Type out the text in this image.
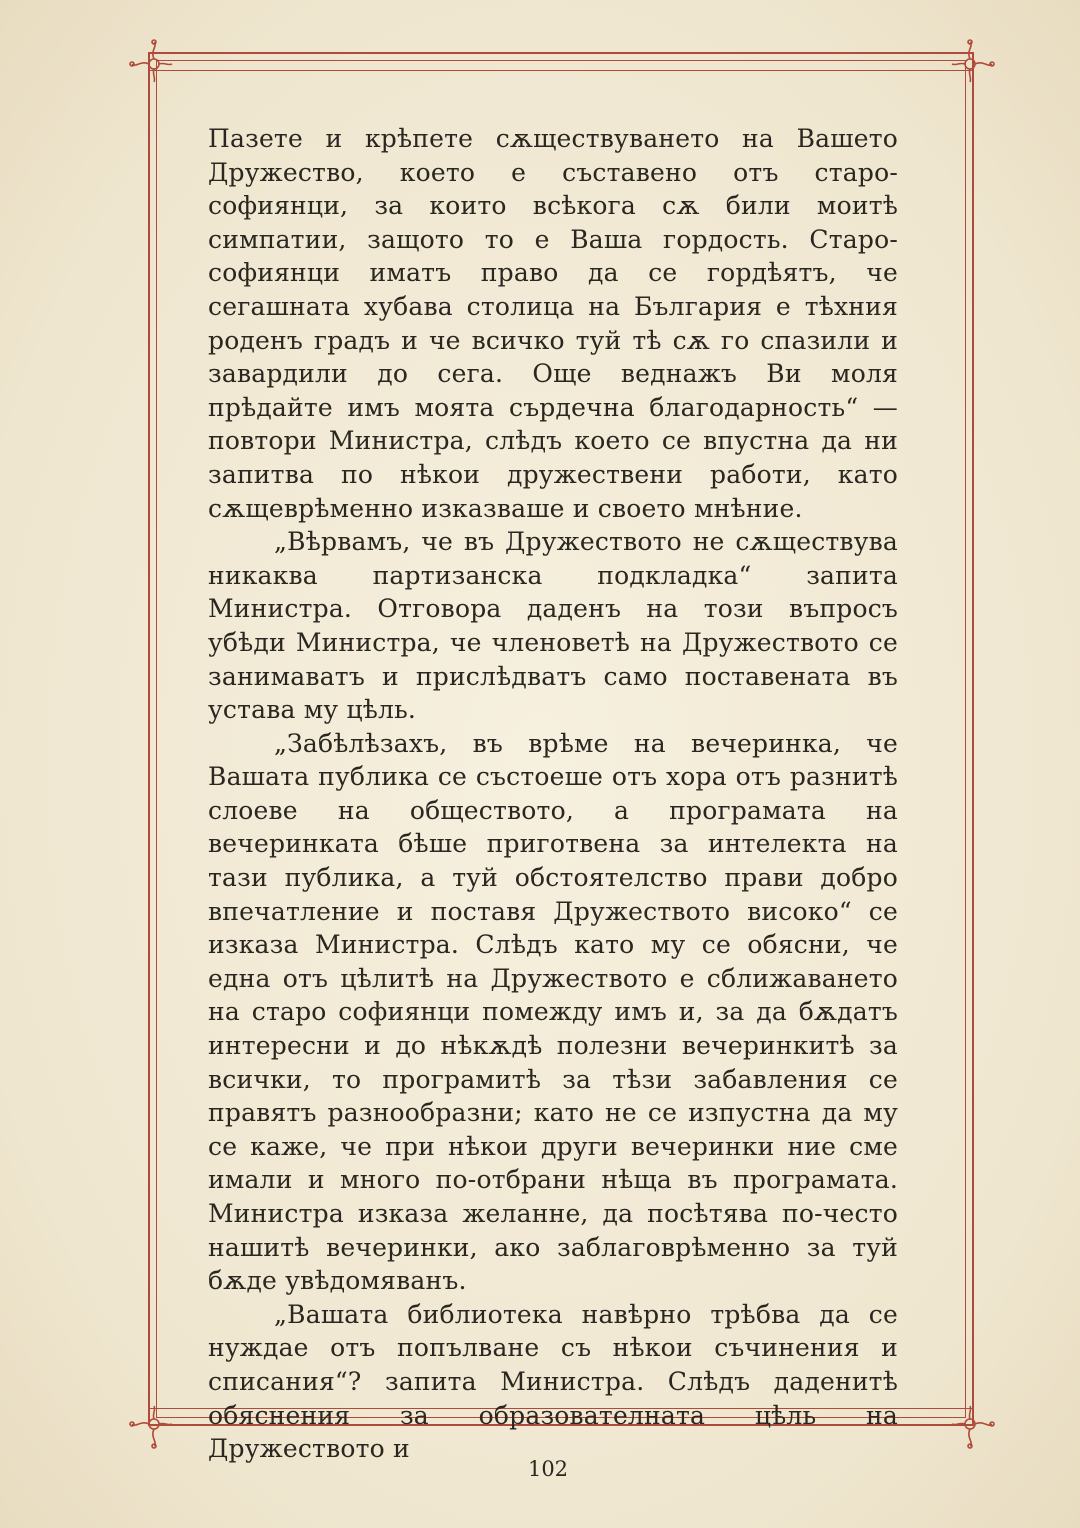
Пазете и крѣпете сѫществуването на Вашето Дружество, което е съставено отъ старо-софиянци, за които всѣкога сѫ били моитѣ симпатии, защото то е Ваша гордость. Старо-софиянци иматъ право да се гордѣятъ, че сегашната хубава столица на България е тѣхния роденъ градъ и че всичко туй тѣ сѫ го спазили и завардили до сега. Още веднажъ Ви моля прѣдайте имъ моята сърдечна благодарность“ — повтори Министра, слѣдъ което се впустна да ни запитва по нѣкои дружествени работи, като сѫщеврѣменно изказваше и своето мнѣние.

„Вѣрвамъ, че въ Дружеството не сѫществува никаква партизанска подкладка“ запита Министра. Отговора даденъ на този въпросъ убѣди Министра, че членоветѣ на Дружеството се занимаватъ и прислѣдватъ само поставената въ устава му цѣль.

„Забѣлѣзахъ, въ врѣме на вечеринка, че Вашата публика се състоеше отъ хора отъ разнитѣ слоеве на обществото, а програмата на вечеринката бѣше приготвена за интелекта на тази публика, а туй обстоятелство прави добро впечатление и поставя Дружеството високо“ се изказа Министра. Слѣдъ като му се обясни, че една отъ цѣлитѣ на Дружеството е сближаването на старо софиянци помежду имъ и, за да бѫдатъ интересни и до нѣкѫдѣ полезни вечеринкитѣ за всички, то програмитѣ за тѣзи забавления се правятъ разнообразни; като не се изпустна да му се каже, че при нѣкои други вечеринки ние сме имали и много по-отбрани нѣща въ програмата. Министра изказа желанне, да посѣтява по-често нашитѣ вечеринки, ако заблаговрѣменно за туй бѫде увѣдомяванъ.

„Вашата библиотека навѣрно трѣбва да се нуждае отъ попълване съ нѣкои съчинения и списания“? запита Министра. Слѣдъ даденитѣ обяснения за образователната цѣль на Дружеството и

102
